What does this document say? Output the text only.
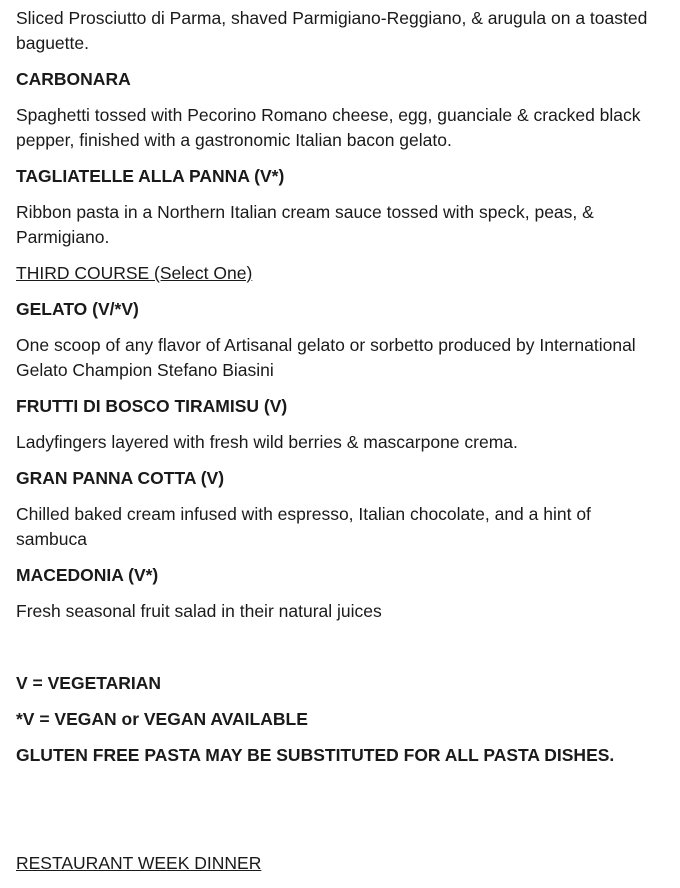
Sliced Prosciutto di Parma, shaved Parmigiano-Reggiano, & arugula on a toasted baguette.

CARBONARA

Spaghetti tossed with Pecorino Romano cheese, egg, guanciale & cracked black pepper, finished with a gastronomic Italian bacon gelato.

TAGLIATELLE ALLA PANNA (V*)

Ribbon pasta in a Northern Italian cream sauce tossed with speck, peas, & Parmigiano.

THIRD COURSE (Select One)

GELATO (V/*V)

One scoop of any flavor of Artisanal gelato or sorbetto produced by International Gelato Champion Stefano Biasini

FRUTTI DI BOSCO TIRAMISU (V)

Ladyfingers layered with fresh wild berries & mascarpone crema.

GRAN PANNA COTTA (V)

Chilled baked cream infused with espresso, Italian chocolate, and a hint of sambuca

MACEDONIA (V*)

Fresh seasonal fruit salad in their natural juices

V = VEGETARIAN

*V = VEGAN or VEGAN AVAILABLE

GLUTEN FREE PASTA MAY BE SUBSTITUTED FOR ALL PASTA DISHES.

RESTAURANT WEEK DINNER
